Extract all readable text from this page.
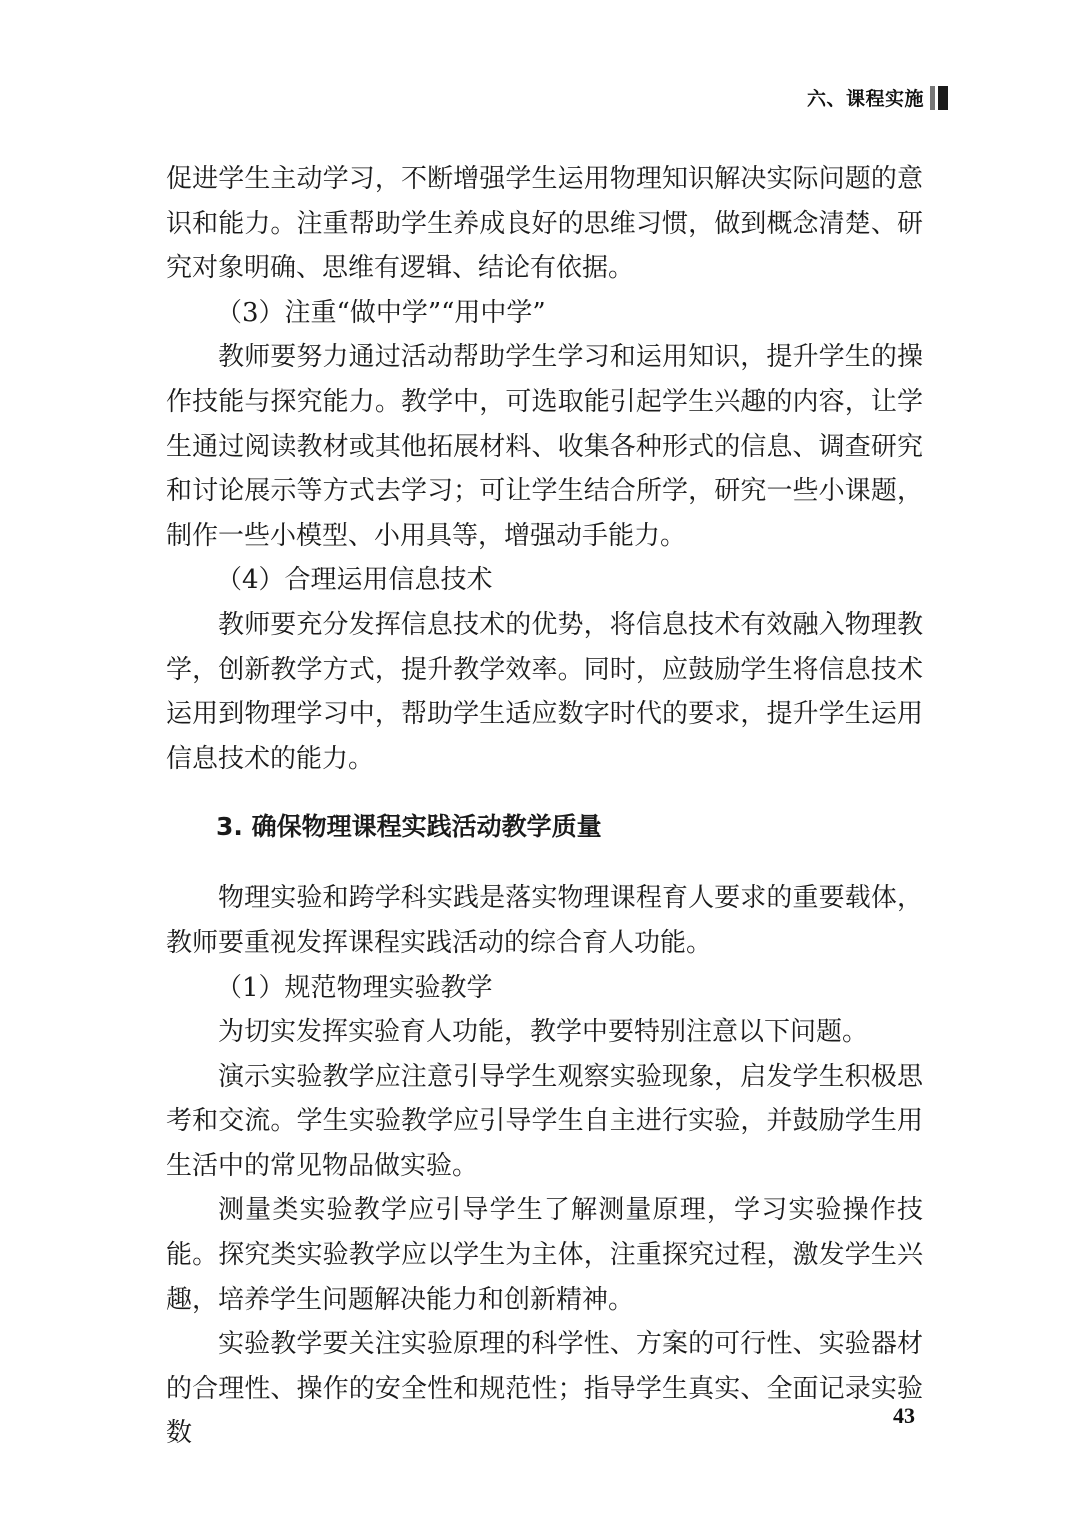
六、课程实施

促进学生主动学习，不断增强学生运用物理知识解决实际问题的意识和能力。注重帮助学生养成良好的思维习惯，做到概念清楚、研究对象明确、思维有逻辑、结论有依据。

（3）注重“做中学”“用中学”

教师要努力通过活动帮助学生学习和运用知识，提升学生的操作技能与探究能力。教学中，可选取能引起学生兴趣的内容，让学生通过阅读教材或其他拓展材料、收集各种形式的信息、调查研究和讨论展示等方式去学习；可让学生结合所学，研究一些小课题，制作一些小模型、小用具等，增强动手能力。

（4）合理运用信息技术

教师要充分发挥信息技术的优势，将信息技术有效融入物理教学，创新教学方式，提升教学效率。同时，应鼓励学生将信息技术运用到物理学习中，帮助学生适应数字时代的要求，提升学生运用信息技术的能力。

3. 确保物理课程实践活动教学质量

物理实验和跨学科实践是落实物理课程育人要求的重要载体，教师要重视发挥课程实践活动的综合育人功能。

（1）规范物理实验教学

为切实发挥实验育人功能，教学中要特别注意以下问题。

演示实验教学应注意引导学生观察实验现象，启发学生积极思考和交流。学生实验教学应引导学生自主进行实验，并鼓励学生用生活中的常见物品做实验。

测量类实验教学应引导学生了解测量原理，学习实验操作技能。探究类实验教学应以学生为主体，注重探究过程，激发学生兴趣，培养学生问题解决能力和创新精神。

实验教学要关注实验原理的科学性、方案的可行性、实验器材的合理性、操作的安全性和规范性；指导学生真实、全面记录实验数

43
